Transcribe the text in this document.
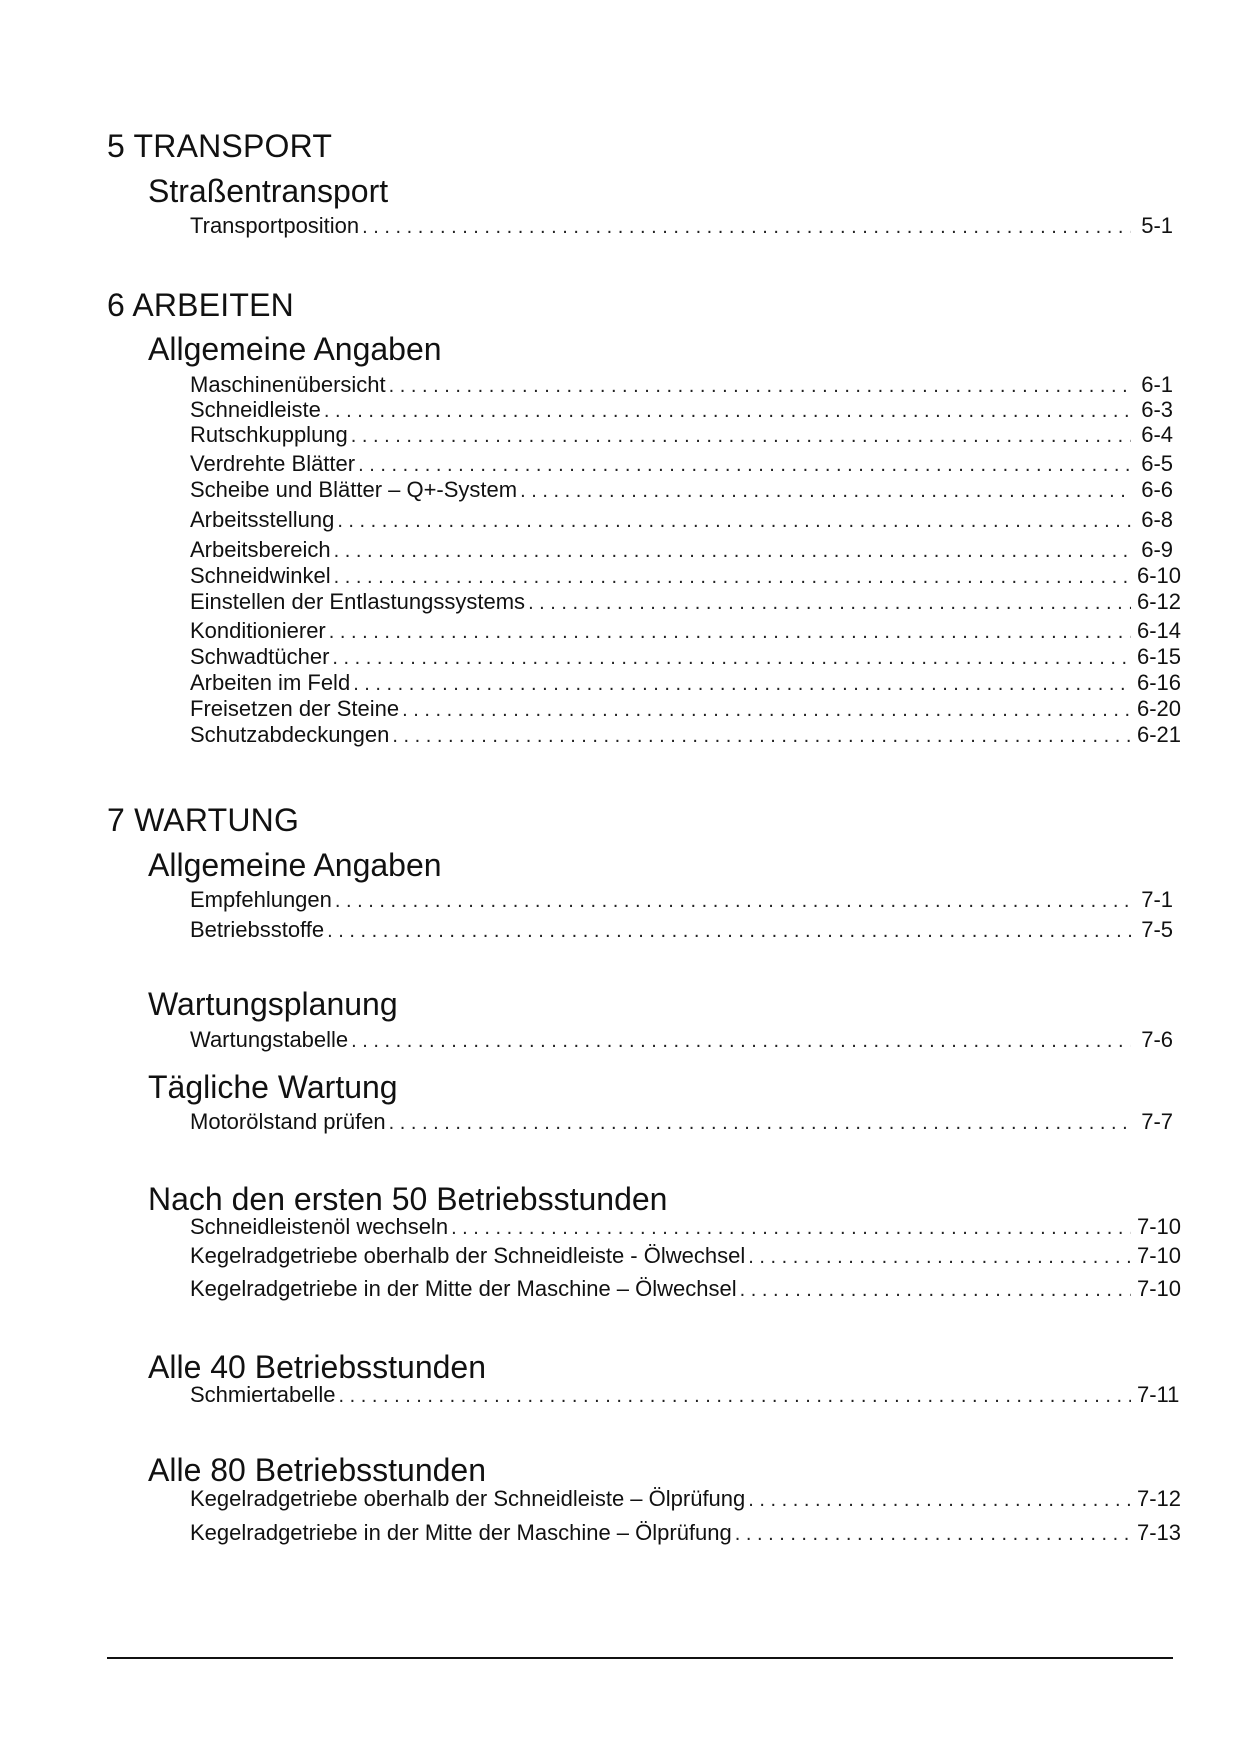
5 TRANSPORT
Straßentransport
Transportposition . . .	5-1
6 ARBEITEN
Allgemeine Angaben
Maschinenübersicht . . .	6-1
Schneidleiste . . .	6-3
Rutschkupplung . . .	6-4
Verdrehte Blätter . . .	6-5
Scheibe und Blätter – Q+-System . . .	6-6
Arbeitsstellung . . .	6-8
Arbeitsbereich . . .	6-9
Schneidwinkel . . .	6-10
Einstellen der Entlastungssystems . . .	6-12
Konditionierer . . .	6-14
Schwadtücher . . .	6-15
Arbeiten im Feld . . .	6-16
Freisetzen der Steine . . .	6-20
Schutzabdeckungen . . .	6-21
7 WARTUNG
Allgemeine Angaben
Empfehlungen . . .	7-1
Betriebsstoffe . . .	7-5
Wartungsplanung
Wartungstabelle . . .	7-6
Tägliche Wartung
Motorölstand prüfen . . .	7-7
Nach den ersten 50 Betriebsstunden
Schneidleistenöl wechseln . . .	7-10
Kegelradgetriebe oberhalb der Schneidleiste - Ölwechsel . . .	7-10
Kegelradgetriebe in der Mitte der Maschine – Ölwechsel . . .	7-10
Alle 40 Betriebsstunden
Schmiertabelle . . .	7-11
Alle 80 Betriebsstunden
Kegelradgetriebe oberhalb der Schneidleiste – Ölprüfung . . .	7-12
Kegelradgetriebe in der Mitte der Maschine – Ölprüfung . . .	7-13
